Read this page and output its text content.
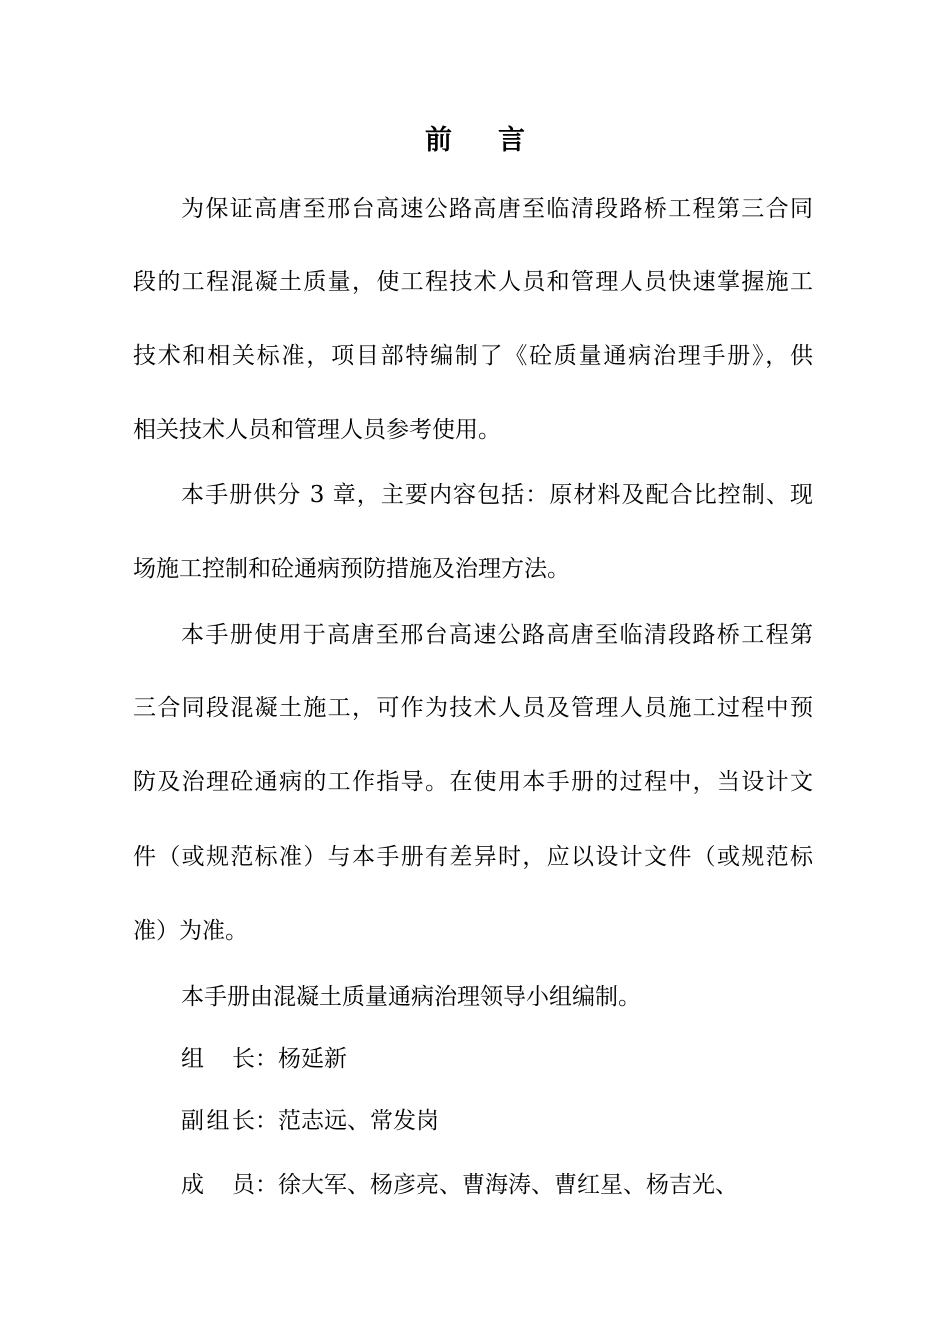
前 言
为保证高唐至邢台高速公路高唐至临清段路桥工程第三合同
段的工程混凝土质量，使工程技术人员和管理人员快速掌握施工
技术和相关标准，项目部特编制了《砼质量通病治理手册》，供
相关技术人员和管理人员参考使用。
本手册供分 3 章，主要内容包括：原材料及配合比控制、现
场施工控制和砼通病预防措施及治理方法。
本手册使用于高唐至邢台高速公路高唐至临清段路桥工程第
三合同段混凝土施工，可作为技术人员及管理人员施工过程中预
防及治理砼通病的工作指导。在使用本手册的过程中，当设计文
件（或规范标准）与本手册有差异时，应以设计文件（或规范标
准）为准。
本手册由混凝土质量通病治理领导小组编制。
组 长：杨延新
副组长：范志远、常发岗
成 员：徐大军、杨彦亮、曹海涛、曹红星、杨吉光、
